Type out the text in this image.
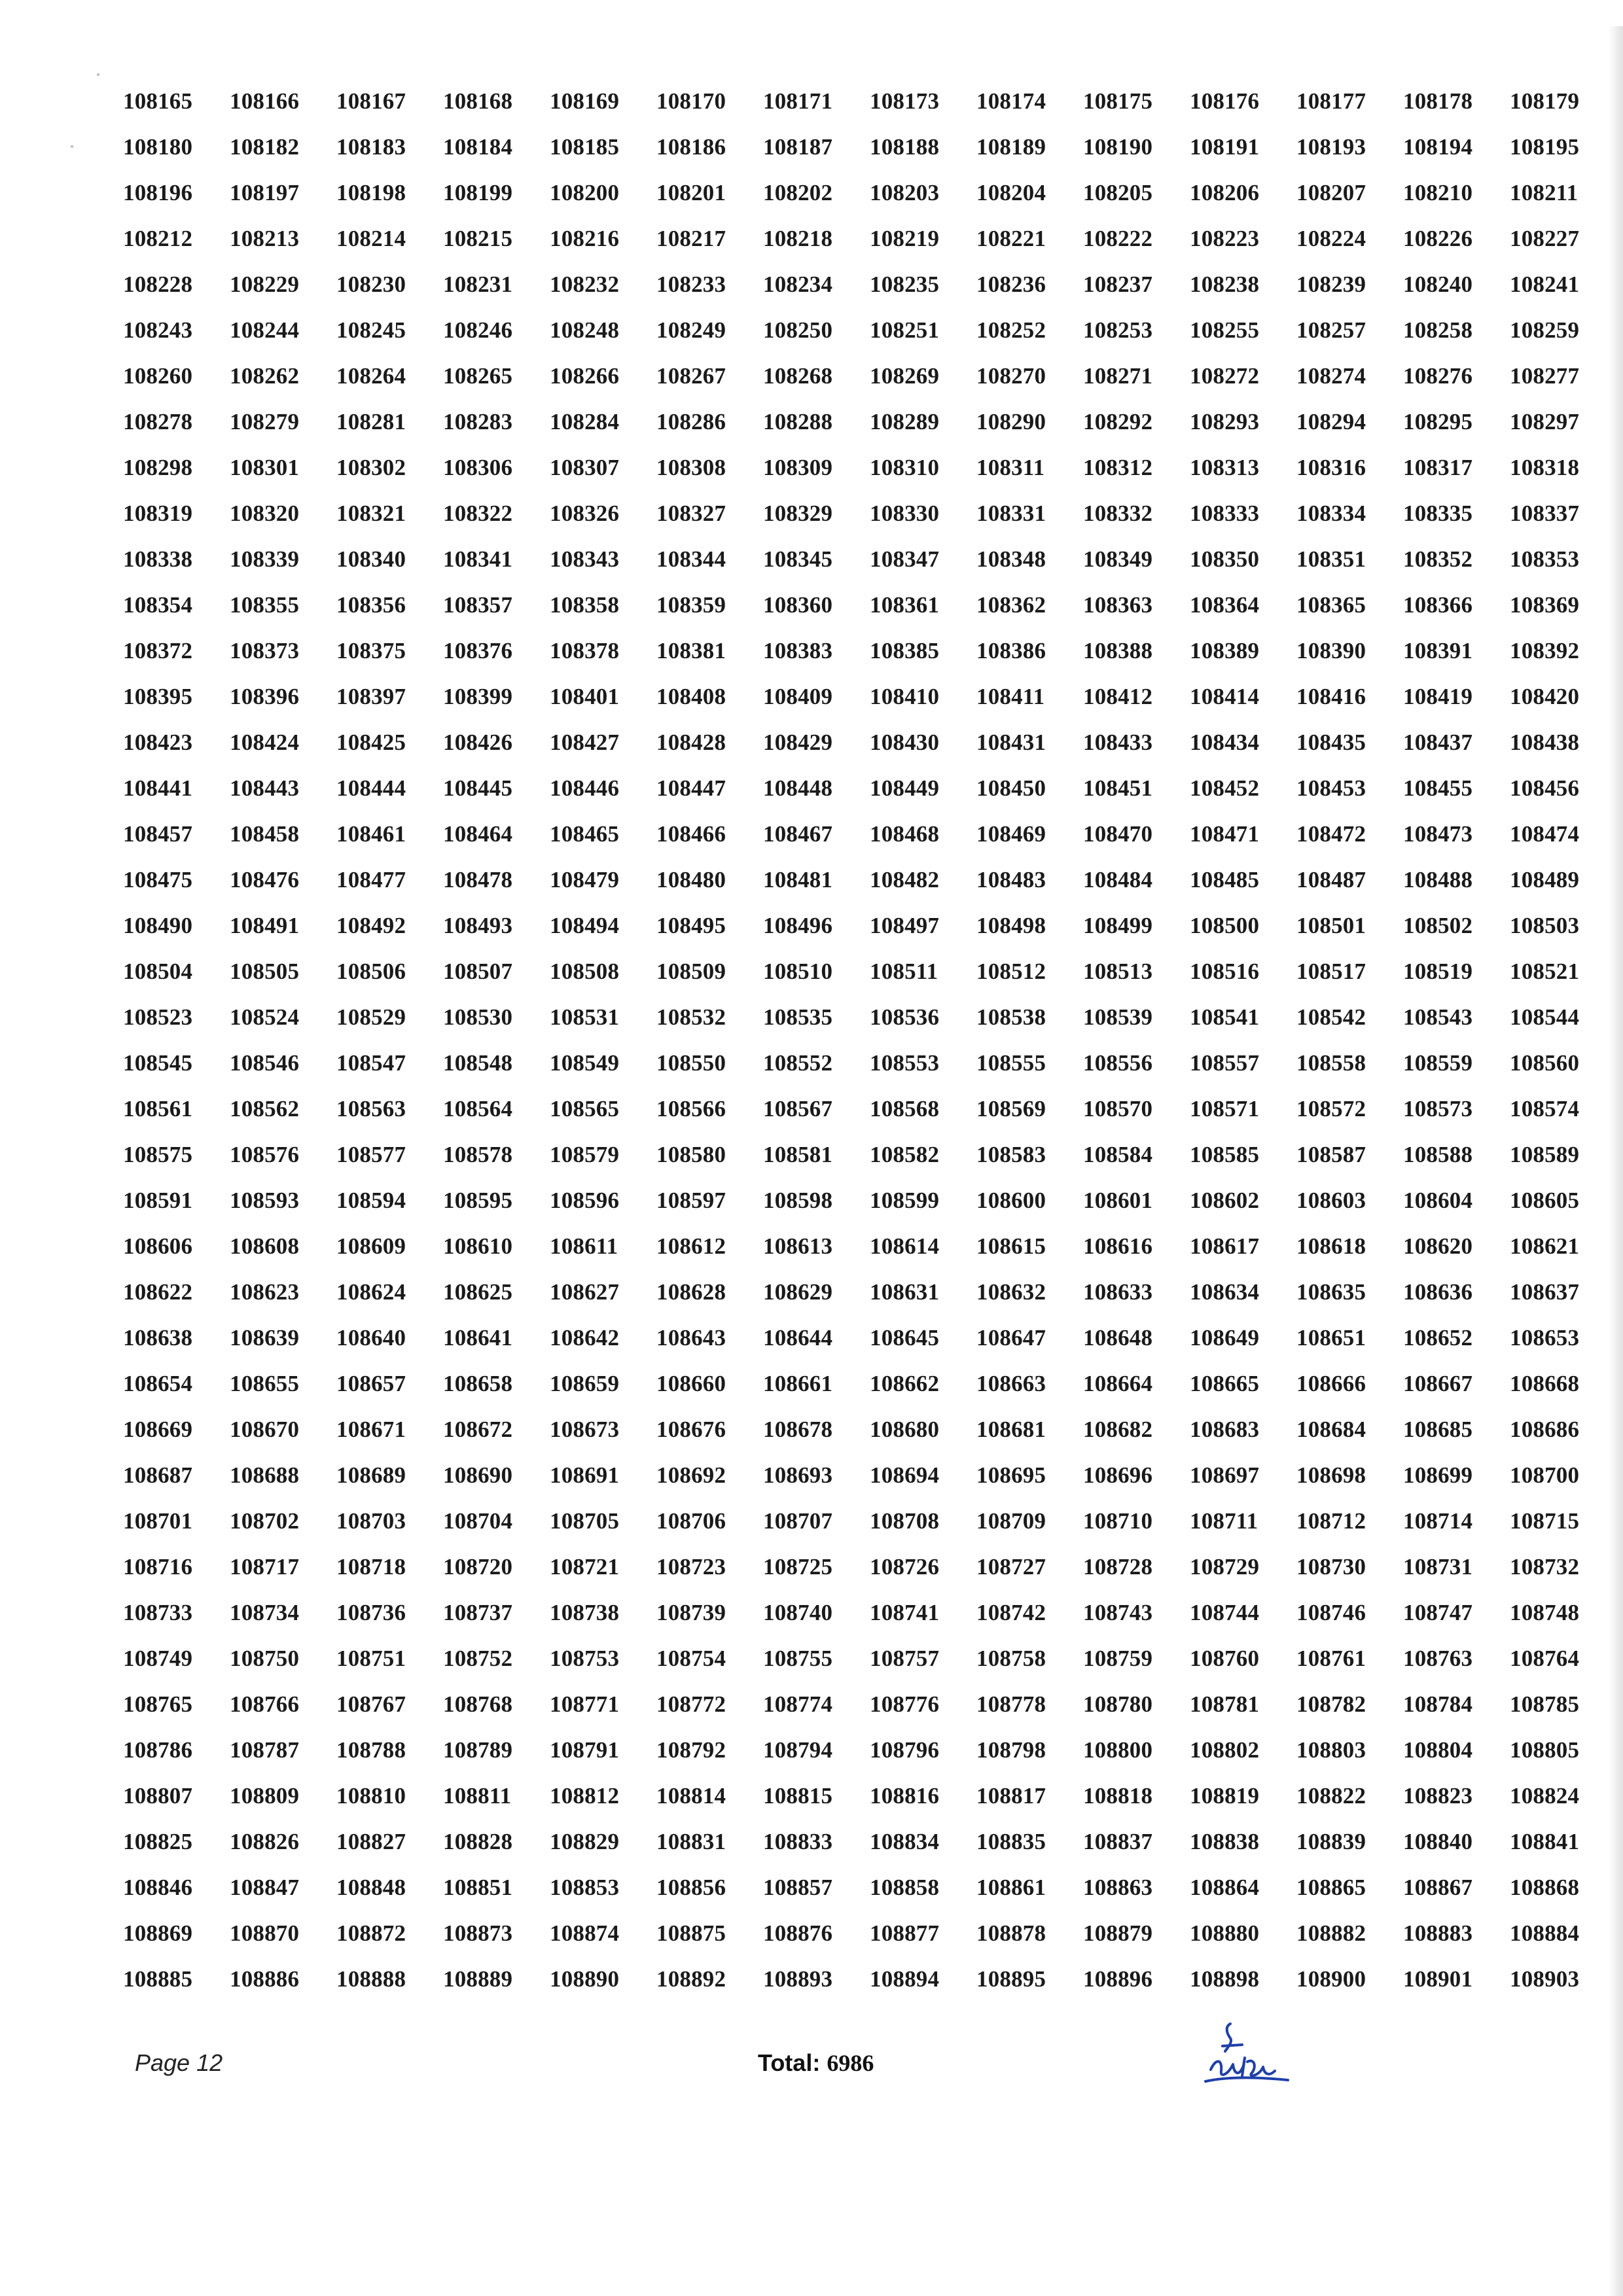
108165	108166	108167	108168	108169	108170	108171	108173	108174	108175	108176	108177	108178	108179
108180	108182	108183	108184	108185	108186	108187	108188	108189	108190	108191	108193	108194	108195
108196	108197	108198	108199	108200	108201	108202	108203	108204	108205	108206	108207	108210	108211
108212	108213	108214	108215	108216	108217	108218	108219	108221	108222	108223	108224	108226	108227
108228	108229	108230	108231	108232	108233	108234	108235	108236	108237	108238	108239	108240	108241
108243	108244	108245	108246	108248	108249	108250	108251	108252	108253	108255	108257	108258	108259
108260	108262	108264	108265	108266	108267	108268	108269	108270	108271	108272	108274	108276	108277
108278	108279	108281	108283	108284	108286	108288	108289	108290	108292	108293	108294	108295	108297
108298	108301	108302	108306	108307	108308	108309	108310	108311	108312	108313	108316	108317	108318
108319	108320	108321	108322	108326	108327	108329	108330	108331	108332	108333	108334	108335	108337
108338	108339	108340	108341	108343	108344	108345	108347	108348	108349	108350	108351	108352	108353
108354	108355	108356	108357	108358	108359	108360	108361	108362	108363	108364	108365	108366	108369
108372	108373	108375	108376	108378	108381	108383	108385	108386	108388	108389	108390	108391	108392
108395	108396	108397	108399	108401	108408	108409	108410	108411	108412	108414	108416	108419	108420
108423	108424	108425	108426	108427	108428	108429	108430	108431	108433	108434	108435	108437	108438
108441	108443	108444	108445	108446	108447	108448	108449	108450	108451	108452	108453	108455	108456
108457	108458	108461	108464	108465	108466	108467	108468	108469	108470	108471	108472	108473	108474
108475	108476	108477	108478	108479	108480	108481	108482	108483	108484	108485	108487	108488	108489
108490	108491	108492	108493	108494	108495	108496	108497	108498	108499	108500	108501	108502	108503
108504	108505	108506	108507	108508	108509	108510	108511	108512	108513	108516	108517	108519	108521
108523	108524	108529	108530	108531	108532	108535	108536	108538	108539	108541	108542	108543	108544
108545	108546	108547	108548	108549	108550	108552	108553	108555	108556	108557	108558	108559	108560
108561	108562	108563	108564	108565	108566	108567	108568	108569	108570	108571	108572	108573	108574
108575	108576	108577	108578	108579	108580	108581	108582	108583	108584	108585	108587	108588	108589
108591	108593	108594	108595	108596	108597	108598	108599	108600	108601	108602	108603	108604	108605
108606	108608	108609	108610	108611	108612	108613	108614	108615	108616	108617	108618	108620	108621
108622	108623	108624	108625	108627	108628	108629	108631	108632	108633	108634	108635	108636	108637
108638	108639	108640	108641	108642	108643	108644	108645	108647	108648	108649	108651	108652	108653
108654	108655	108657	108658	108659	108660	108661	108662	108663	108664	108665	108666	108667	108668
108669	108670	108671	108672	108673	108676	108678	108680	108681	108682	108683	108684	108685	108686
108687	108688	108689	108690	108691	108692	108693	108694	108695	108696	108697	108698	108699	108700
108701	108702	108703	108704	108705	108706	108707	108708	108709	108710	108711	108712	108714	108715
108716	108717	108718	108720	108721	108723	108725	108726	108727	108728	108729	108730	108731	108732
108733	108734	108736	108737	108738	108739	108740	108741	108742	108743	108744	108746	108747	108748
108749	108750	108751	108752	108753	108754	108755	108757	108758	108759	108760	108761	108763	108764
108765	108766	108767	108768	108771	108772	108774	108776	108778	108780	108781	108782	108784	108785
108786	108787	108788	108789	108791	108792	108794	108796	108798	108800	108802	108803	108804	108805
108807	108809	108810	108811	108812	108814	108815	108816	108817	108818	108819	108822	108823	108824
108825	108826	108827	108828	108829	108831	108833	108834	108835	108837	108838	108839	108840	108841
108846	108847	108848	108851	108853	108856	108857	108858	108861	108863	108864	108865	108867	108868
108869	108870	108872	108873	108874	108875	108876	108877	108878	108879	108880	108882	108883	108884
108885	108886	108888	108889	108890	108892	108893	108894	108895	108896	108898	108900	108901	108903
Page 12	Total: 6986
